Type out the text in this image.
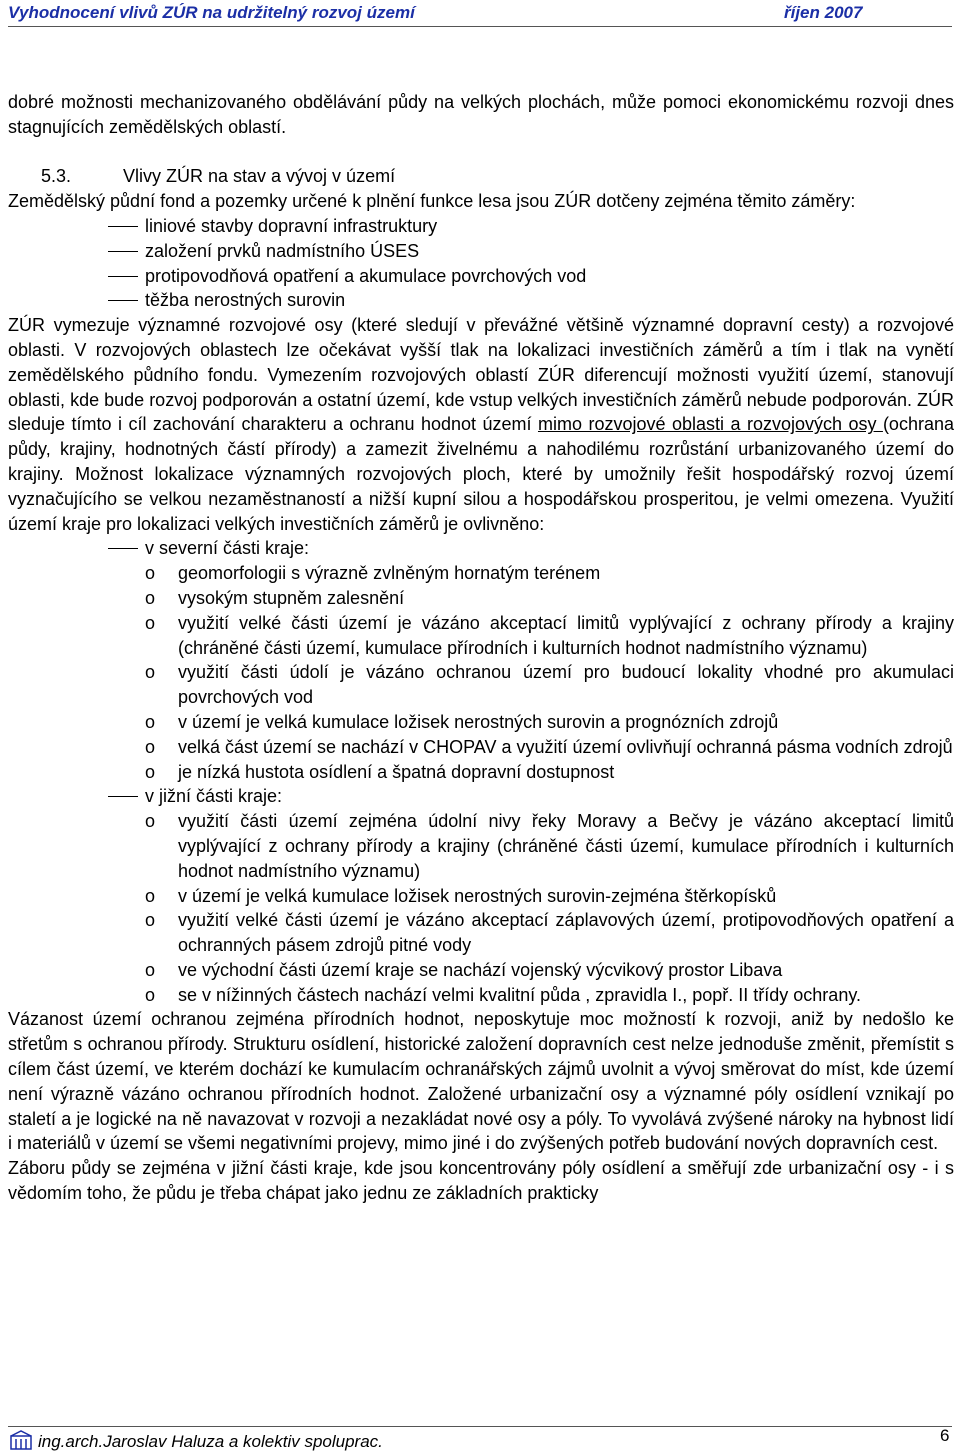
Vyhodnocení vlivů ZÚR na udržitelný rozvoj území	říjen 2007

dobré možnosti mechanizovaného obdělávání půdy na velkých plochách, může pomoci ekonomickému rozvoji dnes stagnujících zemědělských oblastí.

5.3.	Vlivy ZÚR na stav a vývoj v území

Zemědělský půdní fond a pozemky určené k plnění funkce lesa jsou ZÚR dotčeny zejména těmito záměry:

liniové stavby dopravní infrastruktury
založení prvků nadmístního ÚSES
protipovodňová opatření a akumulace povrchových vod
těžba nerostných surovin

ZÚR vymezuje významné rozvojové osy (které sledují v převážné většině významné dopravní cesty) a rozvojové oblasti. V rozvojových oblastech lze očekávat vyšší tlak na lokalizaci investičních záměrů a tím i tlak na vynětí zemědělského půdního fondu. Vymezením rozvojových oblastí ZÚR diferencují možnosti využití území, stanovují oblasti, kde bude rozvoj podporován a ostatní území, kde vstup velkých investičních záměrů nebude podporován. ZÚR sleduje tímto i cíl zachování charakteru a ochranu hodnot území mimo rozvojové oblasti a rozvojových osy (ochrana půdy, krajiny, hodnotných částí přírody) a zamezit živelnému a nahodilému rozrůstání urbanizovaného území do krajiny. Možnost lokalizace významných rozvojových ploch, které by umožnily řešit hospodářský rozvoj území vyznačujícího se velkou nezaměstnaností a nižší kupní silou a hospodářskou prosperitou, je velmi omezena. Využití území kraje pro lokalizaci velkých investičních záměrů je ovlivněno:

v severní části kraje:
o geomorfologii s výrazně zvlněným hornatým terénem
o vysokým stupněm zalesnění
o využití velké části území je vázáno akceptací limitů vyplývající z ochrany přírody a krajiny (chráněné části území, kumulace přírodních i kulturních hodnot nadmístního významu)
o využití části údolí je vázáno ochranou území pro budoucí lokality vhodné pro akumulaci povrchových vod
o v území je velká kumulace ložisek nerostných surovin a prognózních zdrojů
o velká část území se nachází v CHOPAV a využití území ovlivňují ochranná pásma vodních zdrojů
o je nízká hustota osídlení a špatná dopravní dostupnost
v jižní části kraje:
o využití části území zejména údolní nivy řeky Moravy a Bečvy je vázáno akceptací limitů vyplývající z ochrany přírody a krajiny (chráněné části území, kumulace přírodních i kulturních hodnot nadmístního významu)
o v území je velká kumulace ložisek nerostných surovin-zejména štěrkopísků
o využití velké části území je vázáno akceptací záplavových území, protipovodňových opatření a ochranných pásem zdrojů pitné vody
o ve východní části území kraje se nachází vojenský výcvikový prostor Libava
o se v nížinných částech nachází velmi kvalitní půda , zpravidla I., popř. II třídy ochrany.

Vázanost území ochranou zejména přírodních hodnot, neposkytuje moc možností k rozvoji, aniž by nedošlo ke střetům s ochranou přírody. Strukturu osídlení, historické založení dopravních cest nelze jednoduše změnit, přemístit s cílem část území, ve kterém dochází ke kumulacím ochranářských zájmů uvolnit a vývoj směrovat do míst, kde území není výrazně vázáno ochranou přírodních hodnot. Založené urbanizační osy a významné póly osídlení vznikají po staletí a je logické na ně navazovat v rozvoji a nezakládat nové osy a póly. To vyvolává zvýšené nároky na hybnost lidí i materiálů v území se všemi negativními projevy, mimo jiné i do zvýšených potřeb budování nových dopravních cest.

Záboru půdy se zejména v jižní části kraje, kde jsou koncentrovány póly osídlení a směřují zde urbanizační osy - i s vědomím toho, že půdu je třeba chápat jako jednu ze základních prakticky

ing.arch.Jaroslav Haluza a kolektiv spoluprac.	6
